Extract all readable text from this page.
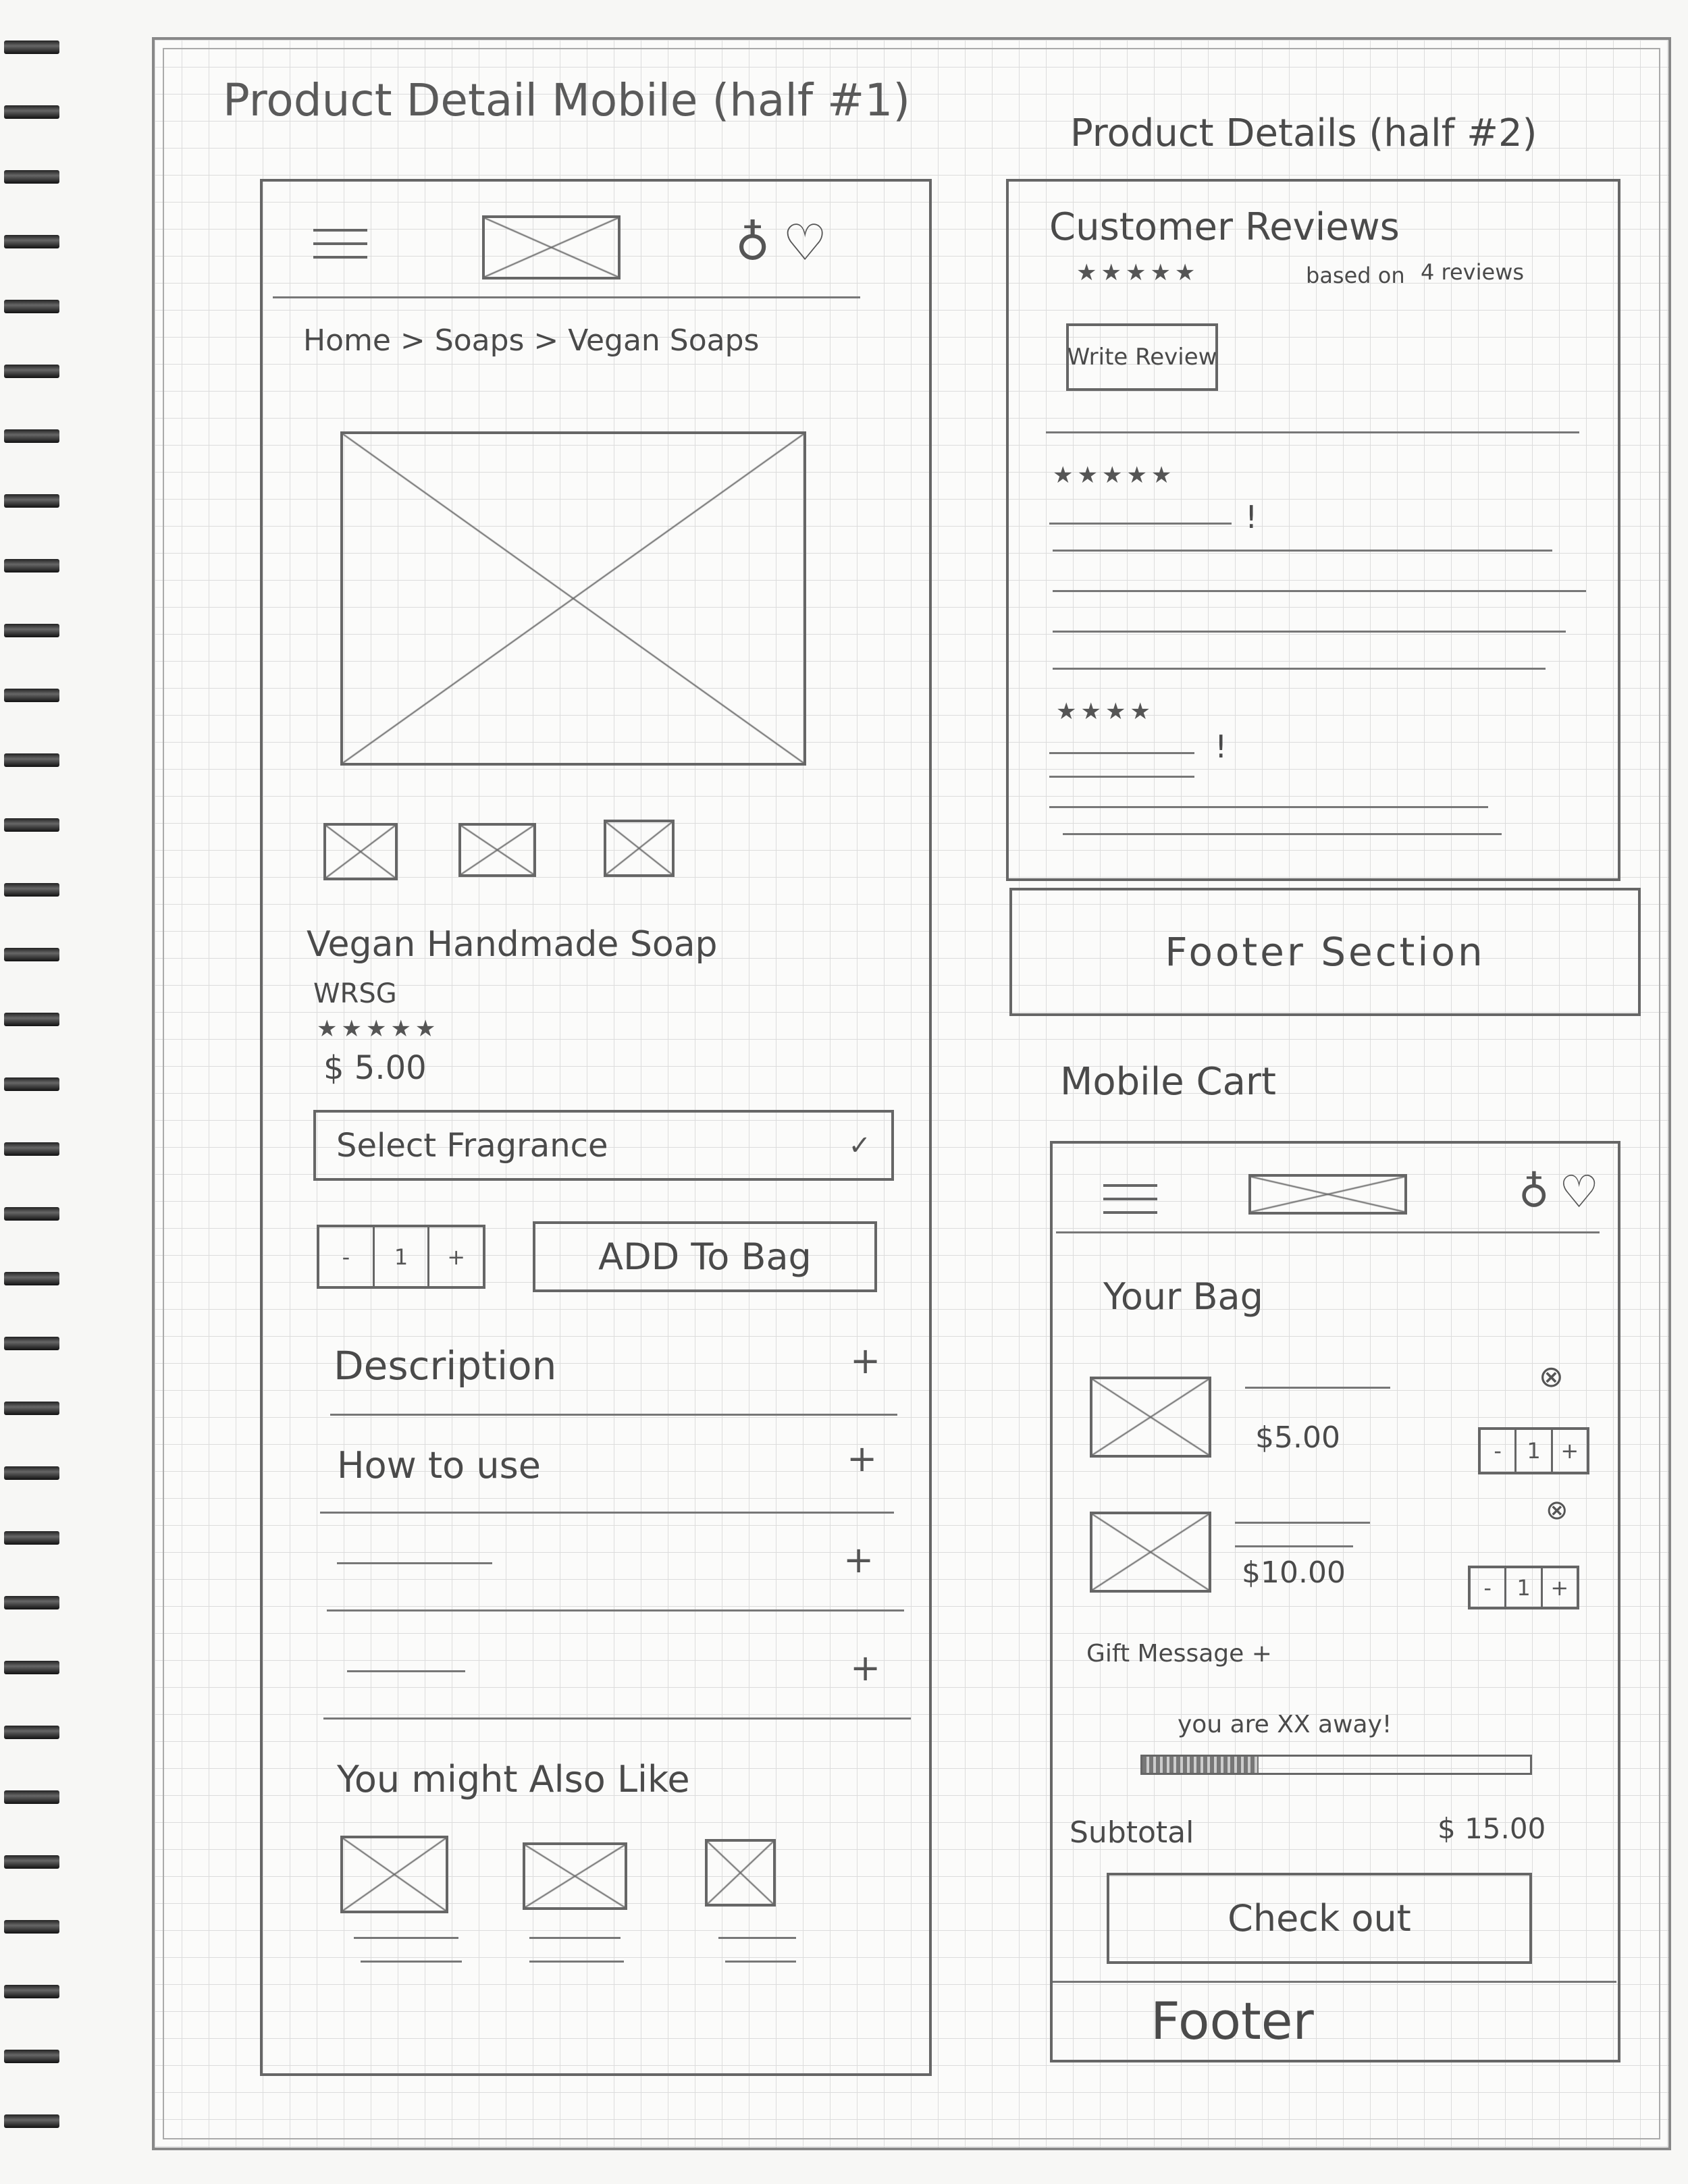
Product Detail Mobile (half #1)
♁ ♡
Home > Soaps > Vegan Soaps
Vegan Handmade Soap
WRSG
★★★★★
$ 5.00
Select Fragrance	✓
-	1	+	ADD To Bag
Description	+
How to use	+
+
+
You might Also Like
Product Details (half #2)
Customer Reviews
★★★★★	based on 4 reviews
Write Review
★★★★★
!
★★★★
!
Footer Section
Mobile Cart
♁ ♡
Your Bag
$5.00
⊗
-	1 +
$10.00
⊗
-	1 +
Gift Message +
you are XX away!
Subtotal	$ 15.00
Check out
Footer
